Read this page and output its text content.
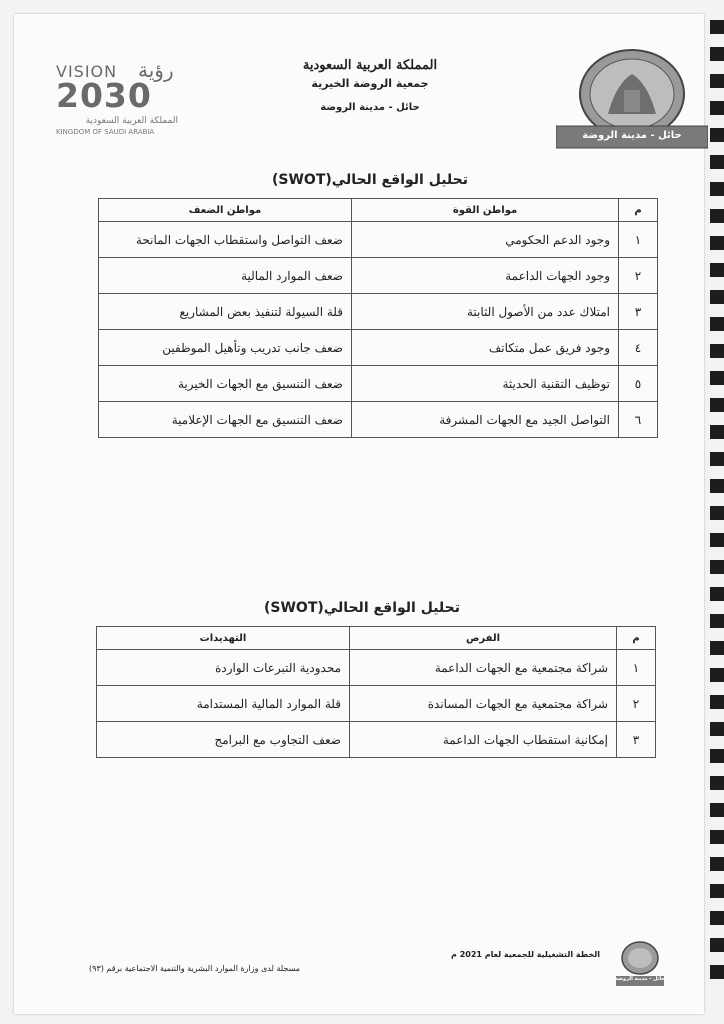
حائل - مدينة الروضة
VISION رؤية
2030
المملكة العربية السعودية
KINGDOM OF SAUDI ARABIA
المملكة العربية السعودية
جمعية الروضة الخيرية
حائل - مدينة الروضة
تحليل الواقع الحالي(SWOT)
م	مواطن القوة	مواطن الضعف
١	وجود الدعم الحكومي	ضعف التواصل واستقطاب الجهات المانحة
٢	وجود الجهات الداعمة	ضعف الموارد المالية
٣	امتلاك عدد من الأصول الثابتة	قلة السيولة لتنفيذ بعض المشاريع
٤	وجود فريق عمل متكاتف	ضعف جانب تدريب وتأهيل الموظفين
٥	توظيف التقنية الحديثة	ضعف التنسيق مع الجهات الخيرية
٦	التواصل الجيد مع الجهات المشرفة	ضعف التنسيق مع الجهات الإعلامية
تحليل الواقع الحالي(SWOT)
م	الفرص	التهديدات
١	شراكة مجتمعية مع الجهات الداعمة	محدودية التبرعات الواردة
٢	شراكة مجتمعية مع الجهات المساندة	قلة الموارد المالية المستدامة
٣	إمكانية استقطاب الجهات الداعمة	ضعف التجاوب مع البرامج
حائل - مدينة الروضة
الخطة التشغيلية للجمعية لعام 2021 م
مسجلة لدى وزارة الموارد البشرية والتنمية الاجتماعية برقم (٩٣)
